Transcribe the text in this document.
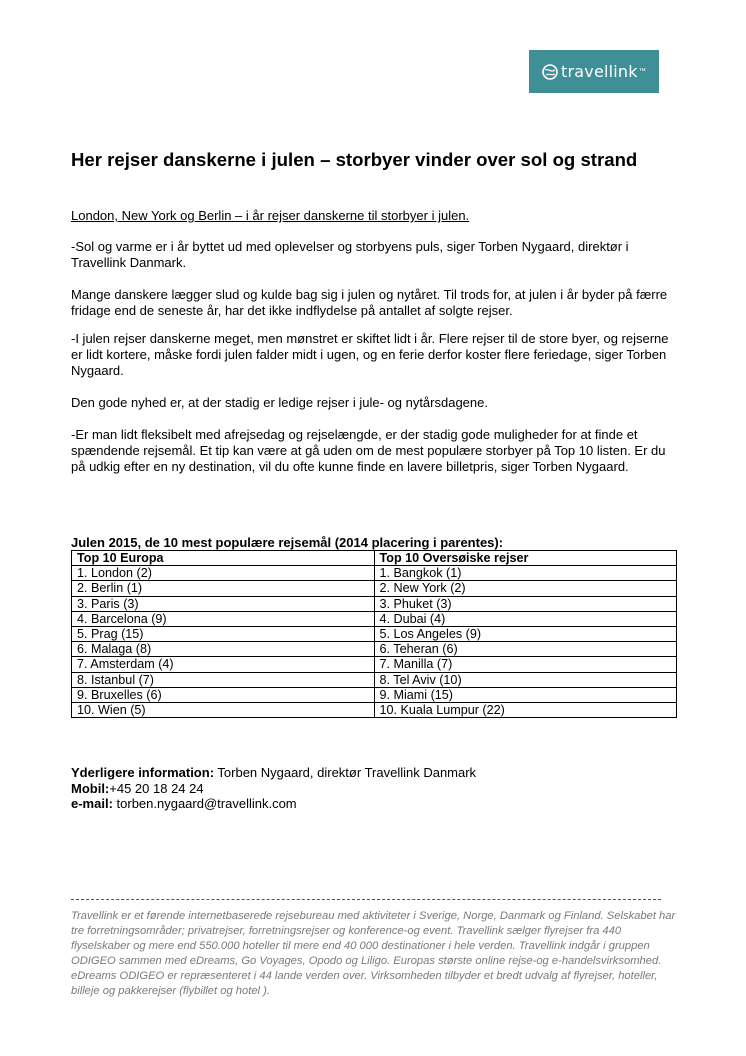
travellink ™
Her rejser danskerne i julen – storbyer vinder over sol og strand
London, New York og Berlin – i år rejser danskerne til storbyer i julen.

-Sol og varme er i år byttet ud med oplevelser og storbyens puls, siger Torben Nygaard, direktør i Travellink Danmark.

Mange danskere lægger slud og kulde bag sig i julen og nytåret. Til trods for, at julen i år byder på færre fridage end de seneste år, har det ikke indflydelse på antallet af solgte rejser.

-I julen rejser danskerne meget, men mønstret er skiftet lidt i år. Flere rejser til de store byer, og rejserne er lidt kortere, måske fordi julen falder midt i ugen, og en ferie derfor koster flere feriedage, siger Torben Nygaard.

Den gode nyhed er, at der stadig er ledige rejser i jule- og nytårsdagene.

-Er man lidt fleksibelt med afrejsedag og rejselængde, er der stadig gode muligheder for at finde et spændende rejsemål. Et tip kan være at gå uden om de mest populære storbyer på Top 10 listen. Er du på udkig efter en ny destination, vil du ofte kunne finde en lavere billetpris, siger Torben Nygaard.

Julen 2015, de 10 mest populære rejsemål (2014 placering i parentes):
Top 10 Europa	Top 10 Oversøiske rejser
1. London (2)	1. Bangkok (1)
2. Berlin (1)	2. New York (2)
3. Paris (3)	3. Phuket (3)
4. Barcelona (9)	4. Dubai (4)
5. Prag (15)	5. Los Angeles (9)
6. Malaga (8)	6. Teheran (6)
7. Amsterdam (4)	7. Manilla (7)
8. Istanbul (7)	8. Tel Aviv (10)
9. Bruxelles (6)	9. Miami (15)
10. Wien (5)	10. Kuala Lumpur (22)
Yderligere information: Torben Nygaard, direktør Travellink Danmark
Mobil:+45 20 18 24 24
e-mail: torben.nygaard@travellink.com

Travellink er et førende internetbaserede rejsebureau med aktiviteter i Sverige, Norge, Danmark og Finland. Selskabet har tre forretningsområder; privatrejser, forretningsrejser og konference-og event. Travellink sælger flyrejser fra 440 flyselskaber og mere end 550.000 hoteller til mere end 40 000 destinationer i hele verden. Travellink indgår i gruppen ODIGEO sammen med eDreams, Go Voyages, Opodo og Liligo. Europas største online rejse-og e-handelsvirksomhed. eDreams ODIGEO er repræsenteret i 44 lande verden over. Virksomheden tilbyder et bredt udvalg af flyrejser, hoteller, billeje og pakkerejser (flybillet og hotel ).
